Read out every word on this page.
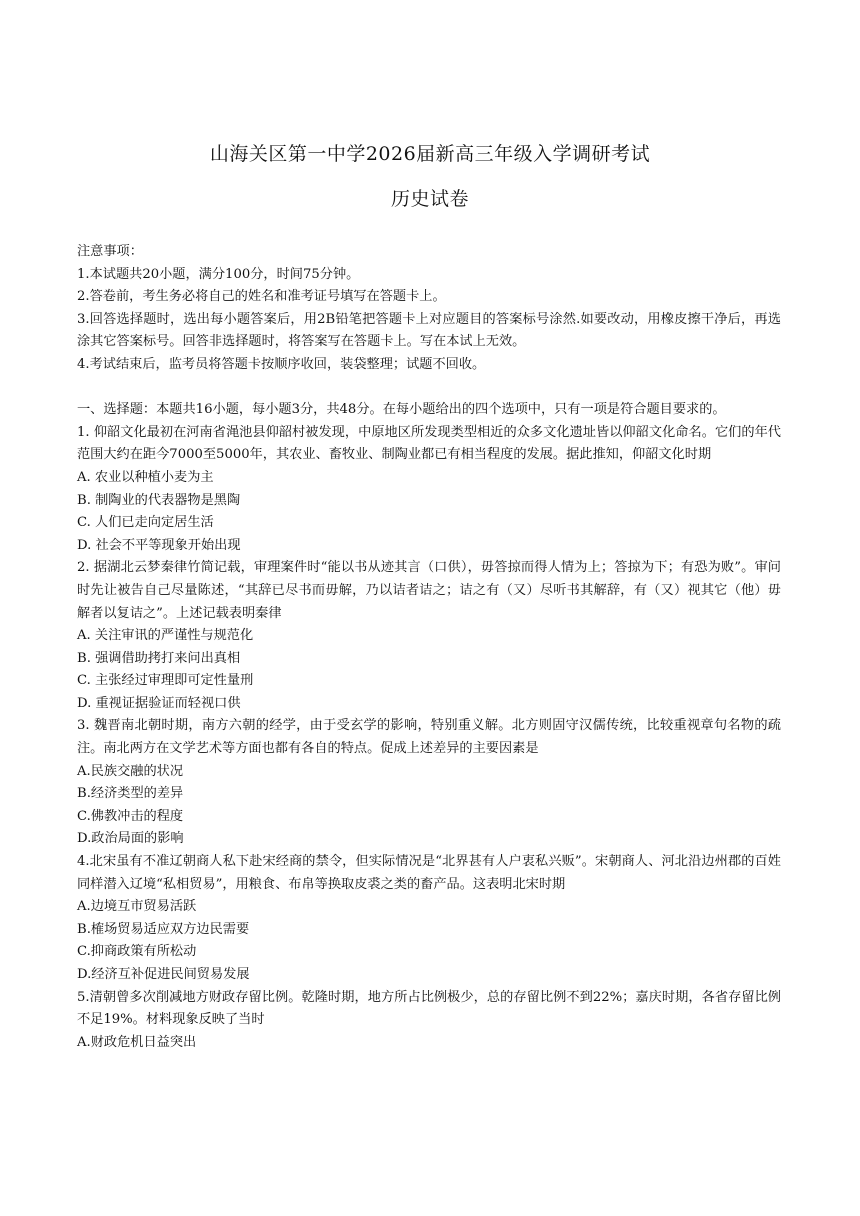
山海关区第一中学2026届新高三年级入学调研考试
历史试卷
注意事项：
1.本试题共20小题，满分100分，时间75分钟。
2.答卷前，考生务必将自己的姓名和准考证号填写在答题卡上。
3.回答选择题时，选出每小题答案后，用2B铅笔把答题卡上对应题目的答案标号涂然.如要改动，用橡皮擦干净后，再选涂其它答案标号。回答非选择题时，将答案写在答题卡上。写在本试上无效。
4.考试结束后，监考员将答题卡按顺序收回，装袋整理；试题不回收。
一、选择题：本题共16小题，每小题3分，共48分。在每小题给出的四个选项中，只有一项是符合题目要求的。
1. 仰韶文化最初在河南省渑池县仰韶村被发现，中原地区所发现类型相近的众多文化遗址皆以仰韶文化命名。它们的年代范围大约在距今7000至5000年，其农业、畜牧业、制陶业都已有相当程度的发展。据此推知，仰韶文化时期
A. 农业以种植小麦为主
B. 制陶业的代表器物是黑陶
C. 人们已走向定居生活
D. 社会不平等现象开始出现
2. 据湖北云梦秦律竹简记载，审理案件时“能以书从迹其言（口供），毋答掠而得人情为上；答掠为下；有恐为败”。审问时先让被告自己尽量陈述，“其辞已尽书而毋解，乃以诘者诘之；诘之有（又）尽听书其解辞，有（又）视其它（他）毋解者以复诘之”。上述记载表明秦律
A. 关注审讯的严谨性与规范化
B. 强调借助拷打来问出真相
C. 主张经过审理即可定性量刑
D. 重视证据验证而轻视口供
3. 魏晋南北朝时期，南方六朝的经学，由于受玄学的影响，特别重义解。北方则固守汉儒传统，比较重视章句名物的疏注。南北两方在文学艺术等方面也都有各自的特点。促成上述差异的主要因素是
A.民族交融的状况
B.经济类型的差异
C.佛教冲击的程度
D.政治局面的影响
4.北宋虽有不准辽朝商人私下赴宋经商的禁令，但实际情况是“北界甚有人户衷私兴贩”。宋朝商人、河北沿边州郡的百姓同样潜入辽境“私相贸易”，用粮食、布帛等换取皮裘之类的畜产品。这表明北宋时期
A.边境互市贸易活跃
B.榷场贸易适应双方边民需要
C.抑商政策有所松动
D.经济互补促进民间贸易发展
5.清朝曾多次削减地方财政存留比例。乾隆时期，地方所占比例极少，总的存留比例不到22%；嘉庆时期，各省存留比例不足19%。材料现象反映了当时
A.财政危机日益突出
